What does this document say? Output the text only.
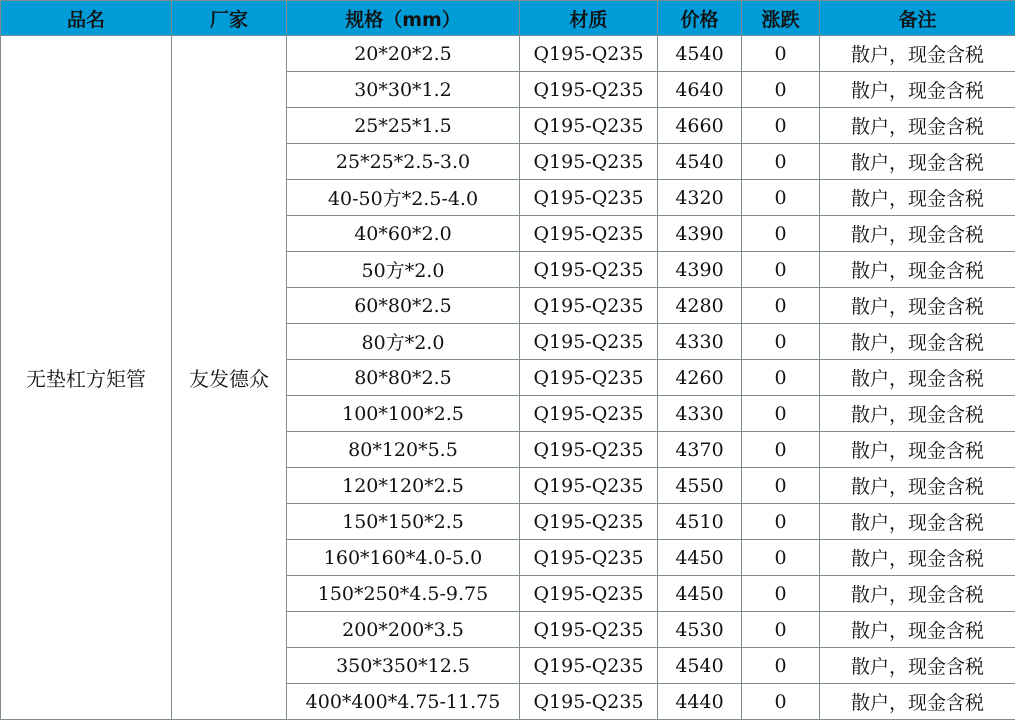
品名	厂家	规格（mm）	材质	价格	涨跌	备注
无垫杠方矩管	友发德众	20*20*2.5	Q195-Q235	4540	0	散户，现金含税
		30*30*1.2	Q195-Q235	4640	0	散户，现金含税
		25*25*1.5	Q195-Q235	4660	0	散户，现金含税
		25*25*2.5-3.0	Q195-Q235	4540	0	散户，现金含税
		40-50方*2.5-4.0	Q195-Q235	4320	0	散户，现金含税
		40*60*2.0	Q195-Q235	4390	0	散户，现金含税
		50方*2.0	Q195-Q235	4390	0	散户，现金含税
		60*80*2.5	Q195-Q235	4280	0	散户，现金含税
		80方*2.0	Q195-Q235	4330	0	散户，现金含税
		80*80*2.5	Q195-Q235	4260	0	散户，现金含税
		100*100*2.5	Q195-Q235	4330	0	散户，现金含税
		80*120*5.5	Q195-Q235	4370	0	散户，现金含税
		120*120*2.5	Q195-Q235	4550	0	散户，现金含税
		150*150*2.5	Q195-Q235	4510	0	散户，现金含税
		160*160*4.0-5.0	Q195-Q235	4450	0	散户，现金含税
		150*250*4.5-9.75	Q195-Q235	4450	0	散户，现金含税
		200*200*3.5	Q195-Q235	4530	0	散户，现金含税
		350*350*12.5	Q195-Q235	4540	0	散户，现金含税
		400*400*4.75-11.75	Q195-Q235	4440	0	散户，现金含税
